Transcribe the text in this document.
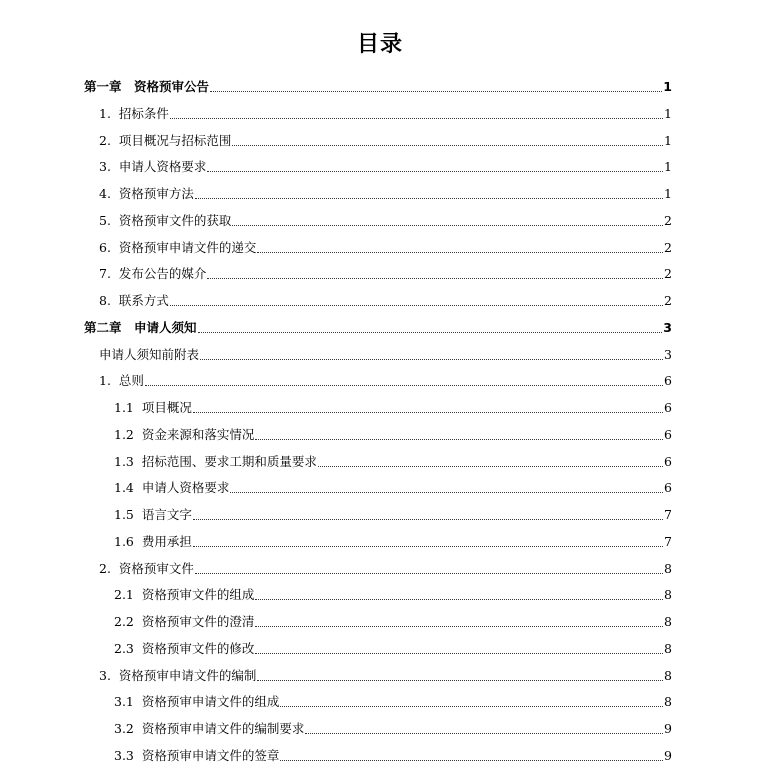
目录
第一章　 资格预审公告	1
1. 招标条件	1
2. 项目概况与招标范围	1
3. 申请人资格要求	1
4. 资格预审方法	1
5. 资格预审文件的获取	2
6. 资格预审申请文件的递交	2
7. 发布公告的媒介	2
8. 联系方式	2
第二章　 申请人须知	3
申请人须知前附表	3
1. 总则	6
1.1 项目概况	6
1.2 资金来源和落实情况	6
1.3 招标范围、要求工期和质量要求	6
1.4 申请人资格要求	6
1.5 语言文字	7
1.6 费用承担	7
2. 资格预审文件	8
2.1 资格预审文件的组成	8
2.2 资格预审文件的澄清	8
2.3 资格预审文件的修改	8
3. 资格预审申请文件的编制	8
3.1 资格预审申请文件的组成	8
3.2 资格预审申请文件的编制要求	9
3.3 资格预审申请文件的签章	9
